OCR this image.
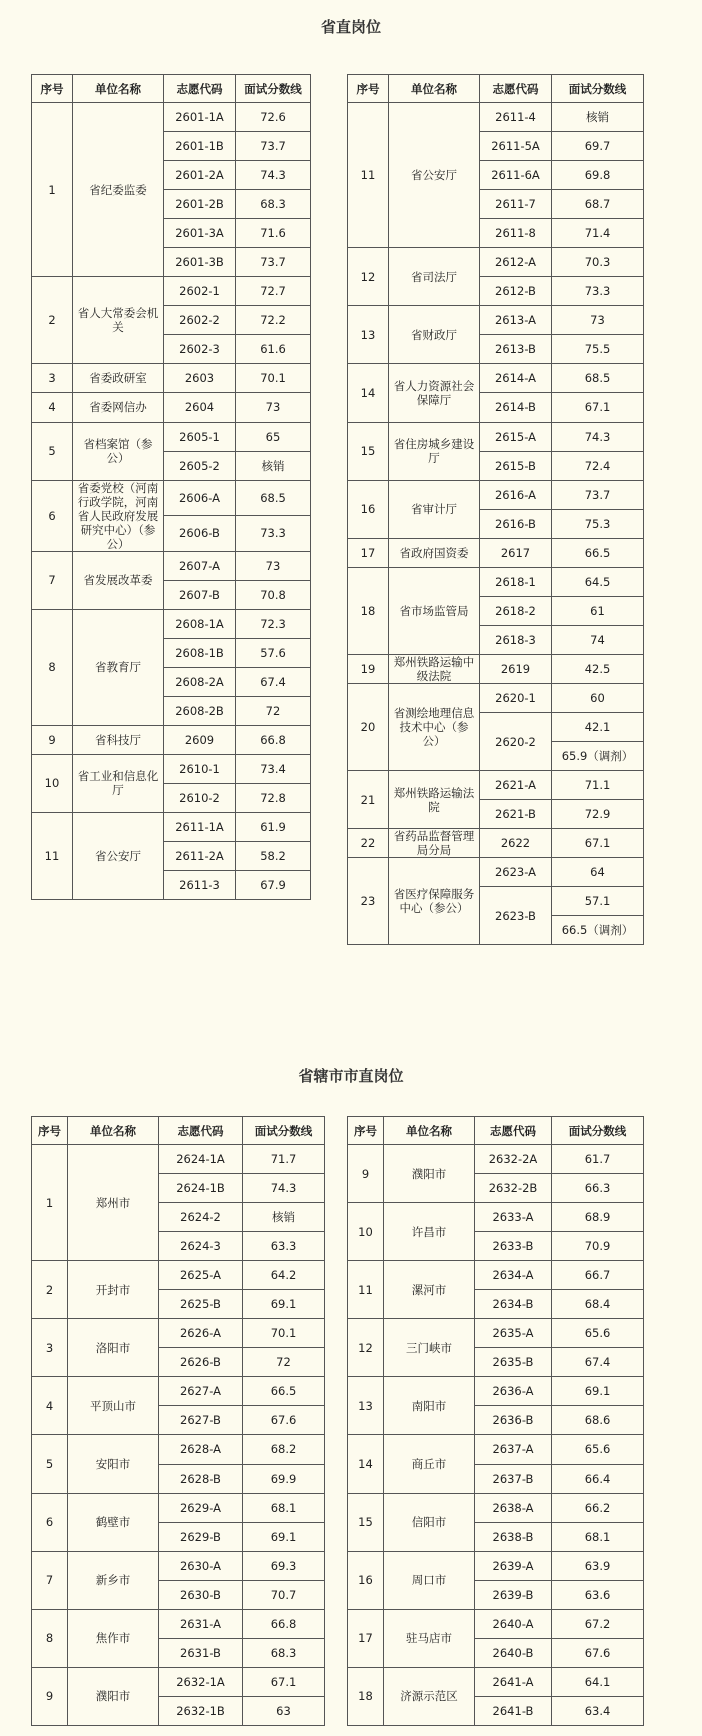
省直岗位
序号	单位名称	志愿代码	面试分数线
1	省纪委监委	2601-1A	72.6
		2601-1B	73.7
		2601-2A	74.3
		2601-2B	68.3
		2601-3A	71.6
		2601-3B	73.7
2	省人大常委会机关	2602-1	72.7
		2602-2	72.2
		2602-3	61.6
3	省委政研室	2603	70.1
4	省委网信办	2604	73
5	省档案馆（参公）	2605-1	65
		2605-2	核销
6	省委党校（河南行政学院，河南省人民政府发展研究中心）（参公）	2606-A	68.5
		2606-B	73.3
7	省发展改革委	2607-A	73
		2607-B	70.8
8	省教育厅	2608-1A	72.3
		2608-1B	57.6
		2608-2A	67.4
		2608-2B	72
9	省科技厅	2609	66.8
10	省工业和信息化厅	2610-1	73.4
		2610-2	72.8
11	省公安厅	2611-1A	61.9
		2611-2A	58.2
		2611-3	67.9
序号	单位名称	志愿代码	面试分数线
11	省公安厅	2611-4	核销
		2611-5A	69.7
		2611-6A	69.8
		2611-7	68.7
		2611-8	71.4
12	省司法厅	2612-A	70.3
		2612-B	73.3
13	省财政厅	2613-A	73
		2613-B	75.5
14	省人力资源社会保障厅	2614-A	68.5
		2614-B	67.1
15	省住房城乡建设厅	2615-A	74.3
		2615-B	72.4
16	省审计厅	2616-A	73.7
		2616-B	75.3
17	省政府国资委	2617	66.5
18	省市场监管局	2618-1	64.5
		2618-2	61
		2618-3	74
19	郑州铁路运输中级法院	2619	42.5
20	省测绘地理信息技术中心（参公）	2620-1	60
		2620-2	42.1
			65.9（调剂）
21	郑州铁路运输法院	2621-A	71.1
		2621-B	72.9
22	省药品监督管理局分局	2622	67.1
23	省医疗保障服务中心（参公）	2623-A	64
		2623-B	57.1
			66.5（调剂）
省辖市市直岗位
序号	单位名称	志愿代码	面试分数线
1	郑州市	2624-1A	71.7
		2624-1B	74.3
		2624-2	核销
		2624-3	63.3
2	开封市	2625-A	64.2
		2625-B	69.1
3	洛阳市	2626-A	70.1
		2626-B	72
4	平顶山市	2627-A	66.5
		2627-B	67.6
5	安阳市	2628-A	68.2
		2628-B	69.9
6	鹤壁市	2629-A	68.1
		2629-B	69.1
7	新乡市	2630-A	69.3
		2630-B	70.7
8	焦作市	2631-A	66.8
		2631-B	68.3
9	濮阳市	2632-1A	67.1
		2632-1B	63
序号	单位名称	志愿代码	面试分数线
9	濮阳市	2632-2A	61.7
		2632-2B	66.3
10	许昌市	2633-A	68.9
		2633-B	70.9
11	漯河市	2634-A	66.7
		2634-B	68.4
12	三门峡市	2635-A	65.6
		2635-B	67.4
13	南阳市	2636-A	69.1
		2636-B	68.6
14	商丘市	2637-A	65.6
		2637-B	66.4
15	信阳市	2638-A	66.2
		2638-B	68.1
16	周口市	2639-A	63.9
		2639-B	63.6
17	驻马店市	2640-A	67.2
		2640-B	67.6
18	济源示范区	2641-A	64.1
		2641-B	63.4
